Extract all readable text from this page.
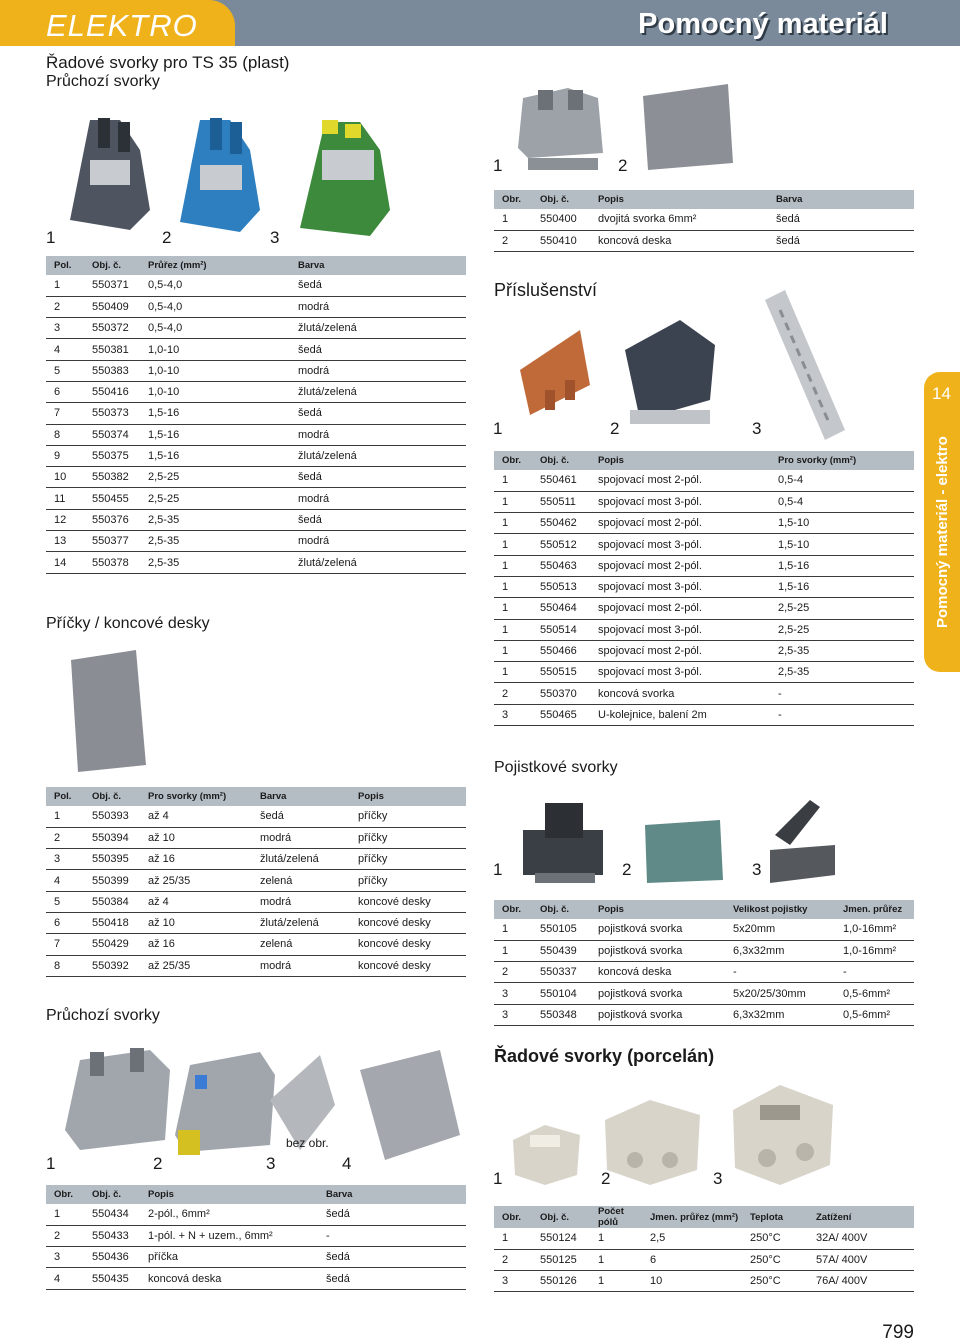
ELEKTRO	Pomocný materiál
14
Pomocný materiál - elektro
Řadové svorky pro TS 35 (plast)
Průchozí svorky
1	2	3
Pol.	Obj. č.	Průřez (mm²)	Barva
1	550371	0,5-4,0	šedá
2	550409	0,5-4,0	modrá
3	550372	0,5-4,0	žlutá/zelená
4	550381	1,0-10	šedá
5	550383	1,0-10	modrá
6	550416	1,0-10	žlutá/zelená
7	550373	1,5-16	šedá
8	550374	1,5-16	modrá
9	550375	1,5-16	žlutá/zelená
10	550382	2,5-25	šedá
11	550455	2,5-25	modrá
12	550376	2,5-35	šedá
13	550377	2,5-35	modrá
14	550378	2,5-35	žlutá/zelená
1	2
Obr.	Obj. č.	Popis	Barva
1	550400	dvojitá svorka 6mm²	šedá
2	550410	koncová deska	šedá
Příslušenství
1	2	3
Obr.	Obj. č.	Popis	Pro svorky (mm²)
1	550461	spojovací most 2-pól.	0,5-4
1	550511	spojovací most 3-pól.	0,5-4
1	550462	spojovací most 2-pól.	1,5-10
1	550512	spojovací most 3-pól.	1,5-10
1	550463	spojovací most 2-pól.	1,5-16
1	550513	spojovací most 3-pól.	1,5-16
1	550464	spojovací most 2-pól.	2,5-25
1	550514	spojovací most 3-pól.	2,5-25
1	550466	spojovací most 2-pól.	2,5-35
1	550515	spojovací most 3-pól.	2,5-35
2	550370	koncová svorka	-
3	550465	U-kolejnice, balení 2m	-
Příčky / koncové desky
Pol.	Obj. č.	Pro svorky (mm²)	Barva	Popis
1	550393	až 4	šedá	příčky
2	550394	až 10	modrá	příčky
3	550395	až 16	žlutá/zelená	příčky
4	550399	až 25/35	zelená	příčky
5	550384	až 4	modrá	koncové desky
6	550418	až 10	žlutá/zelená	koncové desky
7	550429	až 16	zelená	koncové desky
8	550392	až 25/35	modrá	koncové desky
Pojistkové svorky
1	2	3
Obr.	Obj. č.	Popis	Velikost pojistky	Jmen. průřez
1	550105	pojistková svorka	5x20mm	1,0-16mm²
1	550439	pojistková svorka	6,3x32mm	1,0-16mm²
2	550337	koncová deska	-	-
3	550104	pojistková svorka	5x20/25/30mm	0,5-6mm²
3	550348	pojistková svorka	6,3x32mm	0,5-6mm²
Průchozí svorky
1	2	3	4
bez obr.
Obr.	Obj. č.	Popis	Barva
1	550434	2-pól., 6mm²	šedá
2	550433	1-pól. + N + uzem., 6mm²	-
3	550436	příčka	šedá
4	550435	koncová deska	šedá
Řadové svorky (porcelán)
1	2	3
Obr.	Obj. č.	Počet pólů	Jmen. průřez (mm²)	Teplota	Zatížení
1	550124	1	2,5	250°C	32A/ 400V
2	550125	1	6	250°C	57A/ 400V
3	550126	1	10	250°C	76A/ 400V
799
